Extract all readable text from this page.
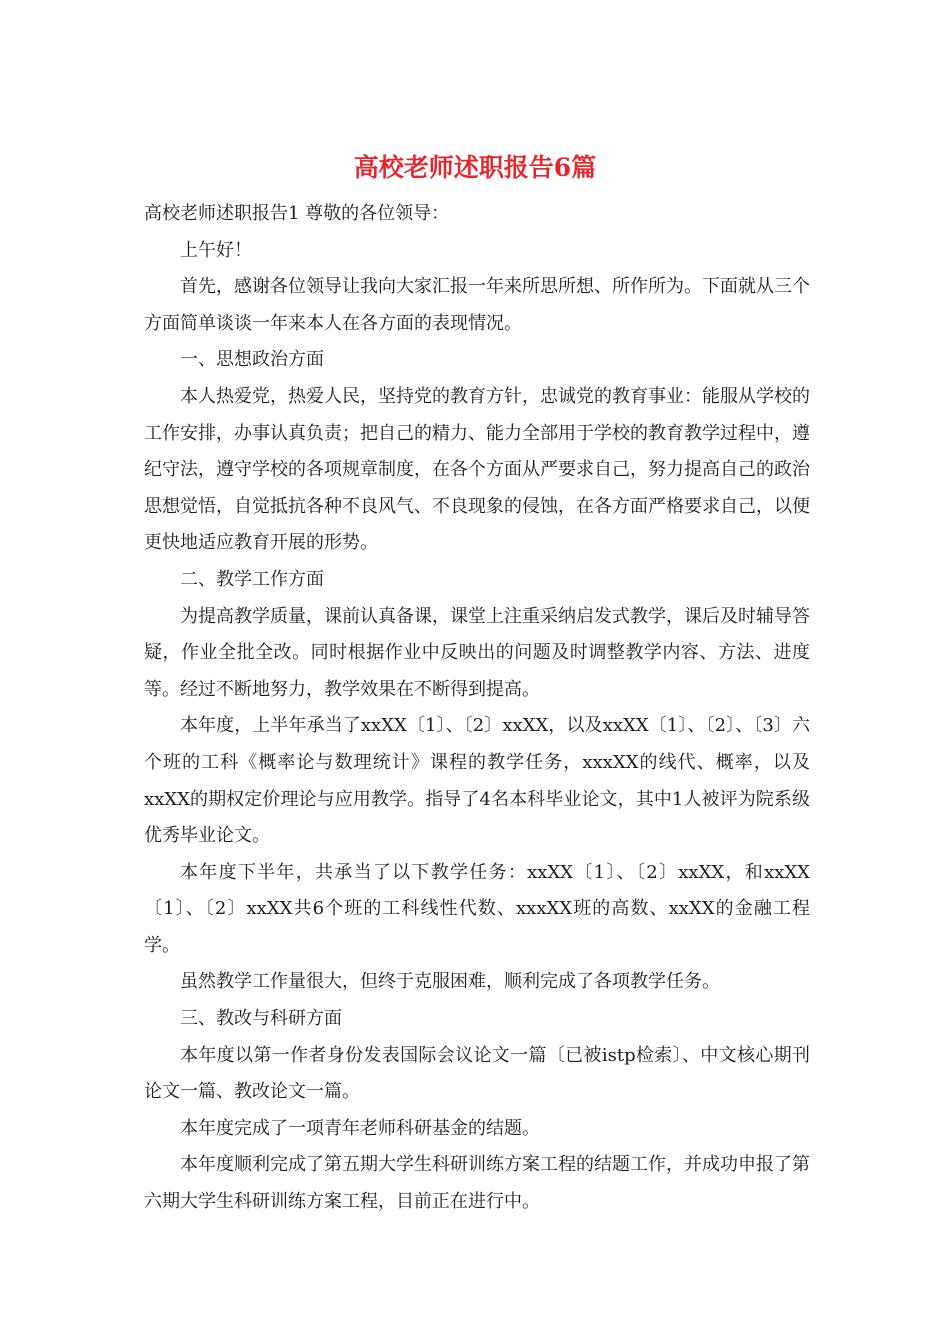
高校老师述职报告6篇

高校老师述职报告1 尊敬的各位领导：

上午好！

首先，感谢各位领导让我向大家汇报一年来所思所想、所作所为。下面就从三个方面简单谈谈一年来本人在各方面的表现情况。

一、思想政治方面

本人热爱党，热爱人民，坚持党的教育方针，忠诚党的教育事业：能服从学校的工作安排，办事认真负责；把自己的精力、能力全部用于学校的教育教学过程中，遵纪守法，遵守学校的各项规章制度，在各个方面从严要求自己，努力提高自己的政治思想觉悟，自觉抵抗各种不良风气、不良现象的侵蚀，在各方面严格要求自己，以便更快地适应教育开展的形势。

二、教学工作方面

为提高教学质量，课前认真备课，课堂上注重采纳启发式教学，课后及时辅导答疑，作业全批全改。同时根据作业中反映出的问题及时调整教学内容、方法、进度等。经过不断地努力，教学效果在不断得到提高。

本年度，上半年承当了xxXX〔1〕、〔2〕xxXX，以及xxXX〔1〕、〔2〕、〔3〕六个班的工科《概率论与数理统计》课程的教学任务，xxxXX的线代、概率，以及xxXX的期权定价理论与应用教学。指导了4名本科毕业论文，其中1人被评为院系级优秀毕业论文。

本年度下半年，共承当了以下教学任务：xxXX〔1〕、〔2〕xxXX，和xxXX〔1〕、〔2〕xxXX共6个班的工科线性代数、xxxXX班的高数、xxXX的金融工程学。

虽然教学工作量很大，但终于克服困难，顺利完成了各项教学任务。

三、教改与科研方面

本年度以第一作者身份发表国际会议论文一篇〔已被istp检索〕、中文核心期刊论文一篇、教改论文一篇。

本年度完成了一项青年老师科研基金的结题。

本年度顺利完成了第五期大学生科研训练方案工程的结题工作，并成功申报了第六期大学生科研训练方案工程，目前正在进行中。
